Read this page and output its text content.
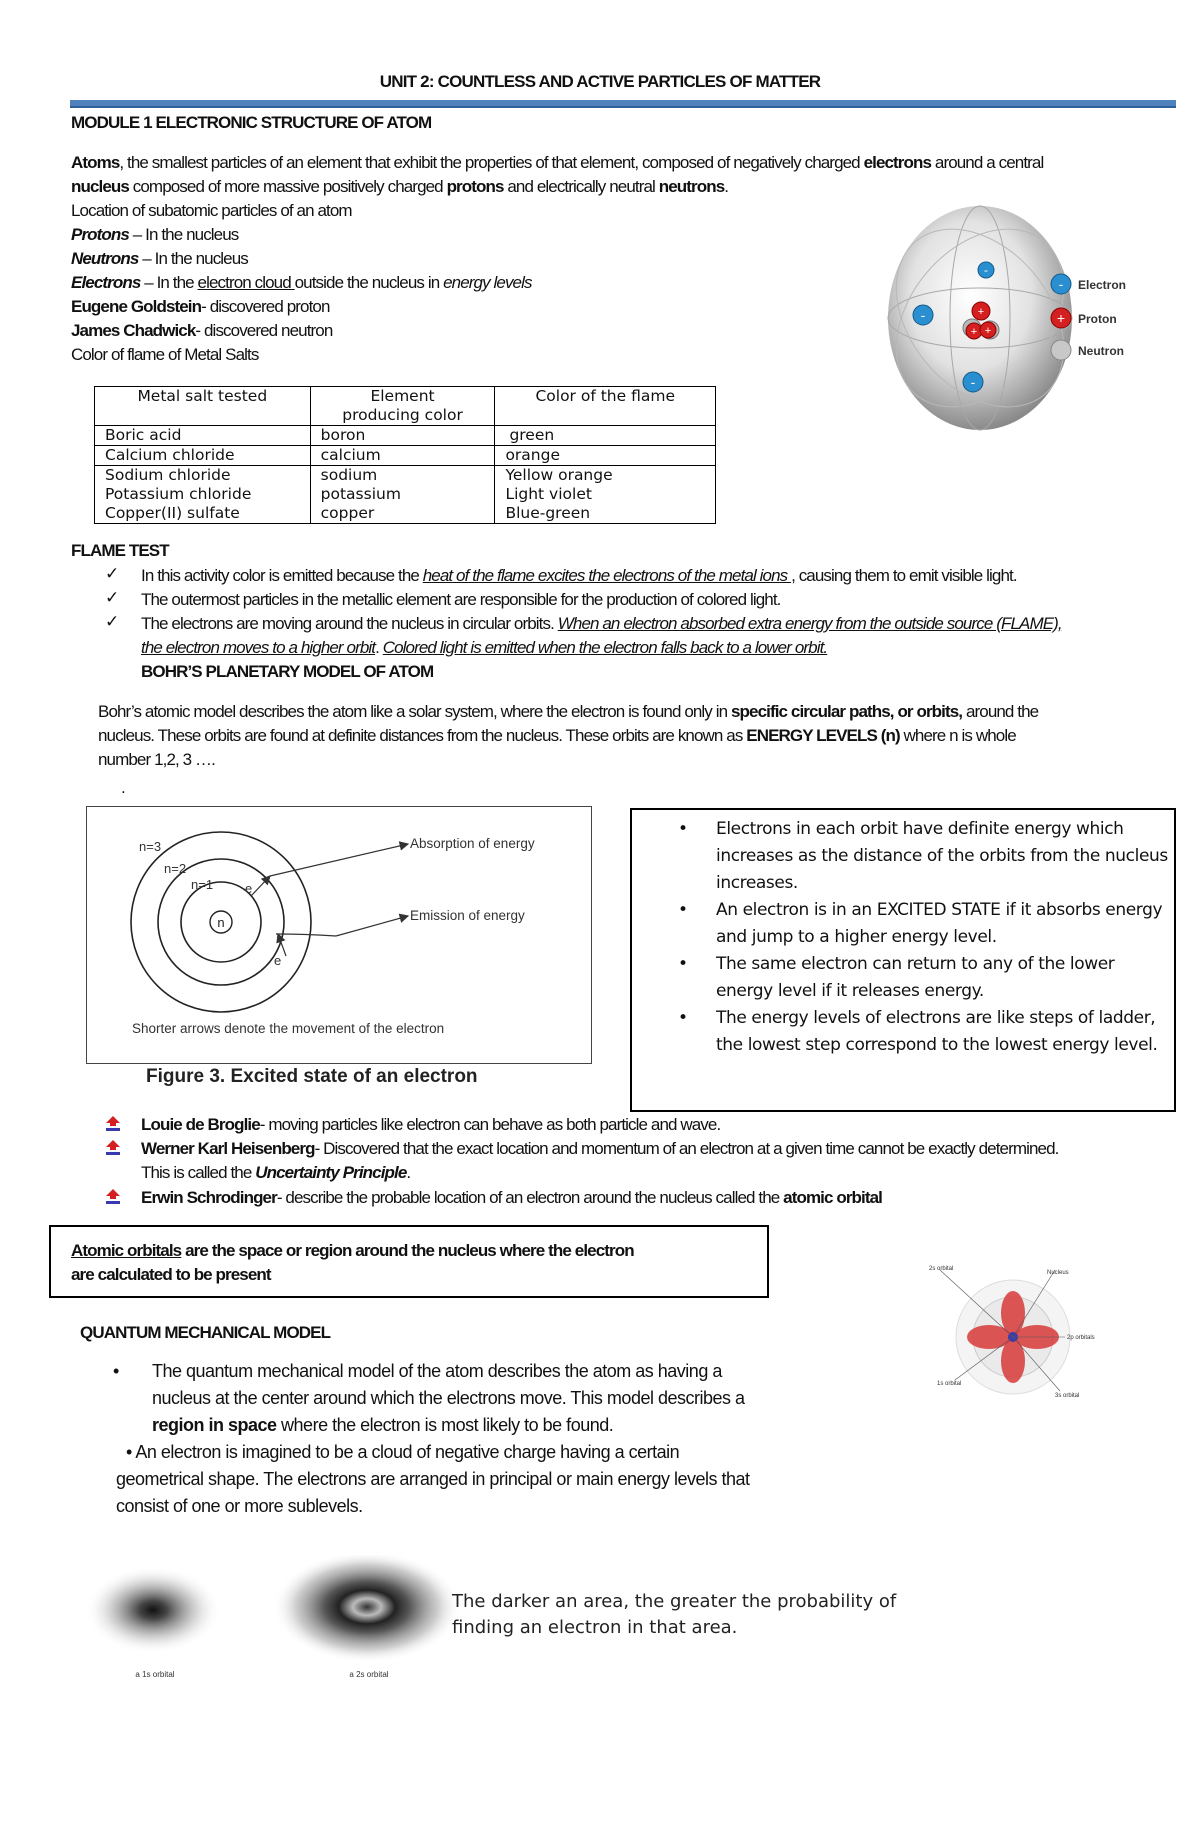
UNIT 2: COUNTLESS AND ACTIVE PARTICLES OF MATTER
MODULE 1 ELECTRONIC STRUCTURE OF ATOM
Atoms, the smallest particles of an element that exhibit the properties of that element, composed of negatively charged electrons around a central
nucleus composed of more massive positively charged protons and electrically neutral neutrons.
Location of subatomic particles of an atom
Protons – In the nucleus
Neutrons – In the nucleus
Electrons – In the electron cloud outside the nucleus in energy levels
Eugene Goldstein- discovered proton
James Chadwick- discovered neutron
Color of flame of Metal Salts
+
+ +
-
-
-
-
+
Electron
Proton
Neutron
Metal salt tested	Element producing color	Color of the flame
Boric acid	boron	green
Calcium chloride	calcium	orange
Sodium chloride	sodium	Yellow orange
Potassium chloride	potassium	Light violet
Copper(II) sulfate	copper	Blue-green
FLAME TEST
✓ In this activity color is emitted because the heat of the flame excites the electrons of the metal ions , causing them to emit visible light.
✓ The outermost particles in the metallic element are responsible for the production of colored light.
✓ The electrons are moving around the nucleus in circular orbits. When an electron absorbed extra energy from the outside source (FLAME),
the electron moves to a higher orbit. Colored light is emitted when the electron falls back to a lower orbit.
BOHR’S PLANETARY MODEL OF ATOM
Bohr’s atomic model describes the atom like a solar system, where the electron is found only in specific circular paths, or orbits, around the
nucleus. These orbits are found at definite distances from the nucleus. These orbits are known as ENERGY LEVELS (n) where n is whole
number 1,2, 3 ….
.
n
n=3
n=2
n=1 e
e
Absorption of energy
Emission of energy
Shorter arrows denote the movement of the electron
Figure 3. Excited state of an electron
• Electrons in each orbit have definite energy which increases as the distance of the orbits from the nucleus increases.
• An electron is in an EXCITED STATE if it absorbs energy and jump to a higher energy level.
• The same electron can return to any of the lower energy level if it releases energy.
• The energy levels of electrons are like steps of ladder, the lowest step correspond to the lowest energy level.
Louie de Broglie- moving particles like electron can behave as both particle and wave.
Werner Karl Heisenberg- Discovered that the exact location and momentum of an electron at a given time cannot be exactly determined.
This is called the Uncertainty Principle.
Erwin Schrodinger- describe the probable location of an electron around the nucleus called the atomic orbital
Atomic orbitals are the space or region around the nucleus where the electron
are calculated to be present	2s orbital
Nucleus
2p orbitals
1s orbital
3s orbital
QUANTUM MECHANICAL MODEL
• The quantum mechanical model of the atom describes the atom as having a
nucleus at the center around which the electrons move. This model describes a
region in space where the electron is most likely to be found.
• An electron is imagined to be a cloud of negative charge having a certain
geometrical shape. The electrons are arranged in principal or main energy levels that
consist of one or more sublevels.
a 1s orbital	a 2s orbital
The darker an area, the greater the probability of
finding an electron in that area.
